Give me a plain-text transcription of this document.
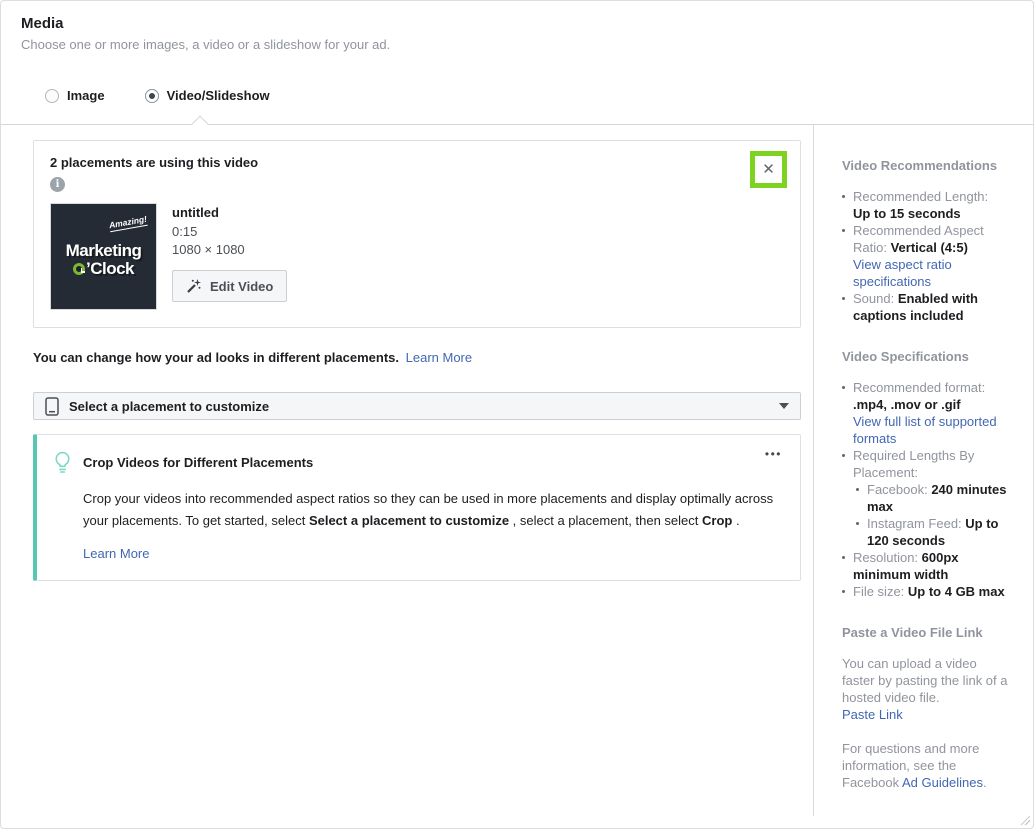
Media
Choose one or more images, a video or a slideshow for your ad.
Image	Video/Slideshow
2 placements are using this video
i
✕
Amazing!
Marketing
’Clock
untitled
0:15
1080 × 1080
Edit Video
You can change how your ad looks in different placements. Learn More
Select a placement to customize
Crop Videos for Different Placements
•••
Crop your videos into recommended aspect ratios so they can be used in more placements and display optimally across your placements. To get started, select Select a placement to customize , select a placement, then select Crop .
Learn More
Video Recommendations
Recommended Length:
Up to 15 seconds
Recommended Aspect Ratio: Vertical (4:5)
View aspect ratio specifications
Sound: Enabled with captions included
Video Specifications
Recommended format:
.mp4, .mov or .gif
View full list of supported formats
Required Lengths By Placement:
Facebook: 240 minutes max
Instagram Feed: Up to 120 seconds
Resolution: 600px minimum width
File size: Up to 4 GB max
Paste a Video File Link
You can upload a video faster by pasting the link of a hosted video file.
Paste Link
For questions and more information, see the Facebook Ad Guidelines.
